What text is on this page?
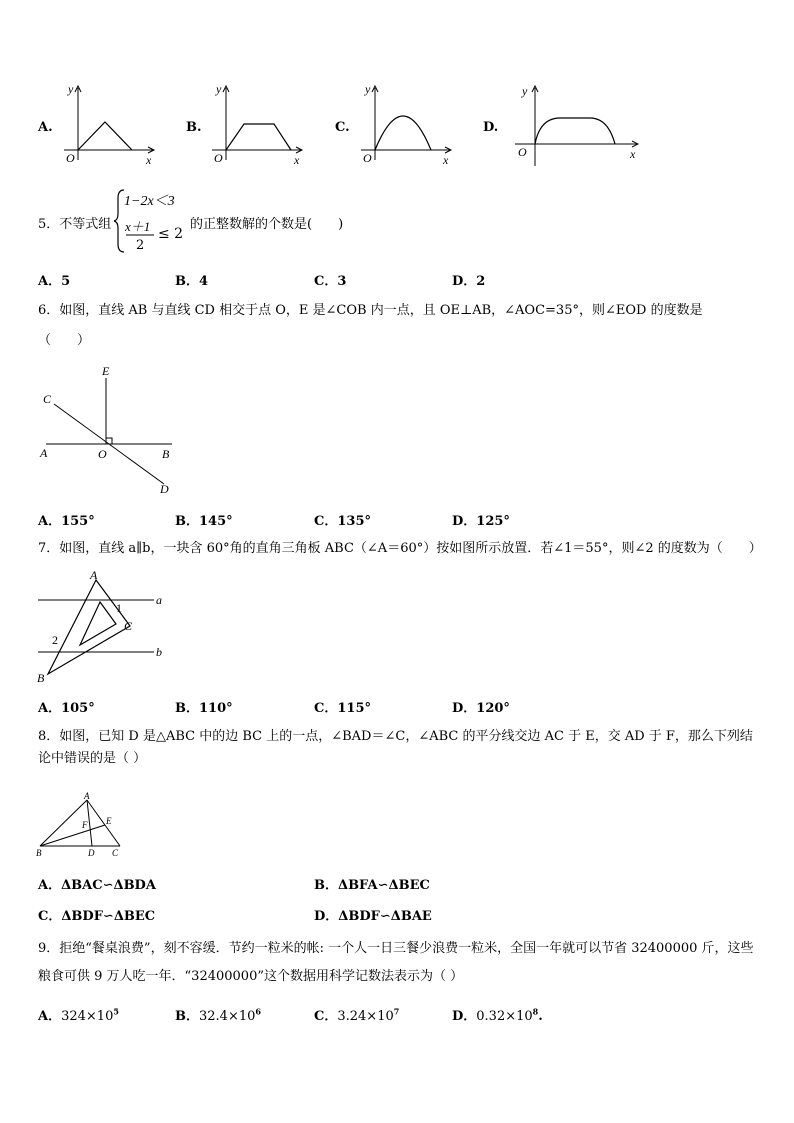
A.
y
O	x
B.
y
O	x
C.
y
O	x
D.
y
O	x
5．不等式组
1−2x＜3
x＋1
2
≤ 2
的正整数解的个数是(　　)
A．5	B．4	C．3	D．2
6．如图，直线 AB 与直线 CD 相交于点 O，E 是∠COB 内一点，且 OE⊥AB，∠AOC=35°，则∠EOD 的度数是
（　　）
C
E
A	O	B
D
A．155°	B．145°	C．135°	D．125°
7．如图，直线 a∥b，一块含 60°角的直角三角板 ABC（∠A＝60°）按如图所示放置．若∠1＝55°，则∠2 的度数为（　　）
A
B
C
a
b
1
2
A．105°	B．110°	C．115°	D．120°
8．如图，已知 D 是△ABC 中的边 BC 上的一点，∠BAD＝∠C，∠ABC 的平分线交边 AC 于 E，交 AD 于 F，那么下列结论中错误的是（ ）
A
B	C
D
E
F
A．ΔBAC∽ΔBDA	B．ΔBFA∽ΔBEC
C．ΔBDF∽ΔBEC	D．ΔBDF∽ΔBAE
9．拒绝“餐桌浪费”，刻不容缓．节约一粒米的帐: 一个人一日三餐少浪费一粒米，全国一年就可以节省 32400000 斤，这些粮食可供 9 万人吃一年．“32400000”这个数据用科学记数法表示为（ ）
A．$324\times 10^5$	B．$32.4\times 10^6$	C．$3.24\times 10^7$	D．$0.32\times 10^8$.
